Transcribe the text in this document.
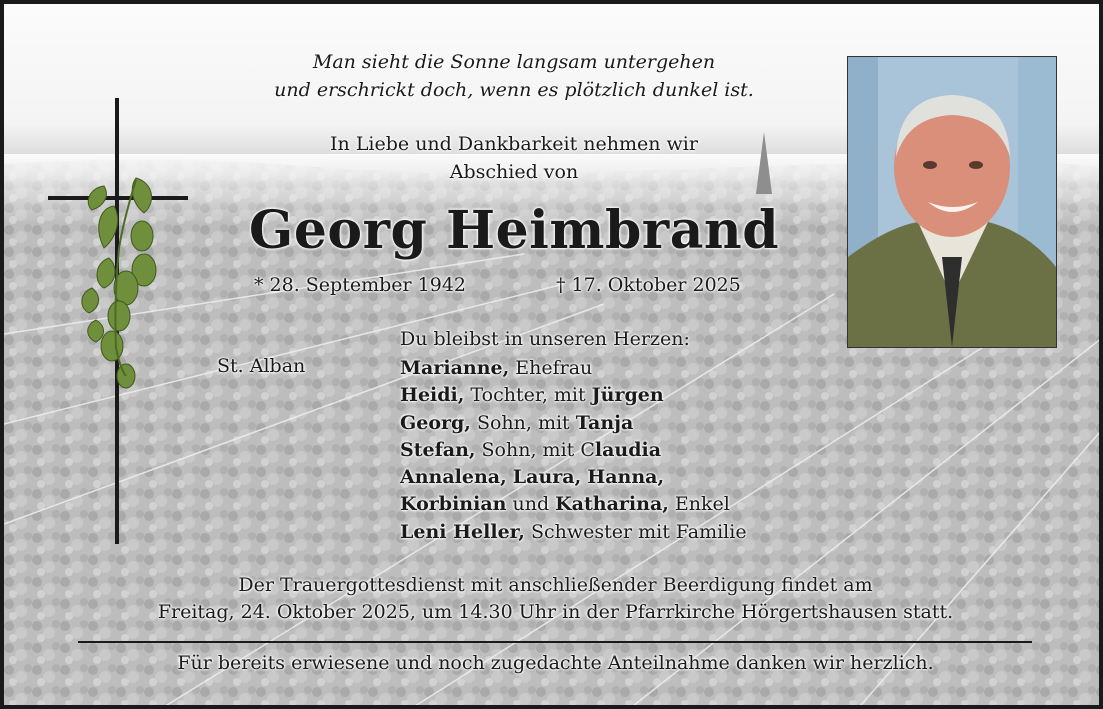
Man sieht die Sonne langsam untergehen
und erschrickt doch, wenn es plötzlich dunkel ist.
In Liebe und Dankbarkeit nehmen wir
Abschied von
Georg Heimbrand
* 28. September 1942	† 17. Oktober 2025
Du bleibst in unseren Herzen:
St. Alban	Marianne, Ehefrau
Heidi, Tochter, mit Jürgen
Georg, Sohn, mit Tanja
Stefan, Sohn, mit Claudia
Annalena, Laura, Hanna,
Korbinian und Katharina, Enkel
Leni Heller, Schwester mit Familie
Der Trauergottesdienst mit anschließender Beerdigung findet am
Freitag, 24. Oktober 2025, um 14.30 Uhr in der Pfarrkirche Hörgertshausen statt.
Für bereits erwiesene und noch zugedachte Anteilnahme danken wir herzlich.
